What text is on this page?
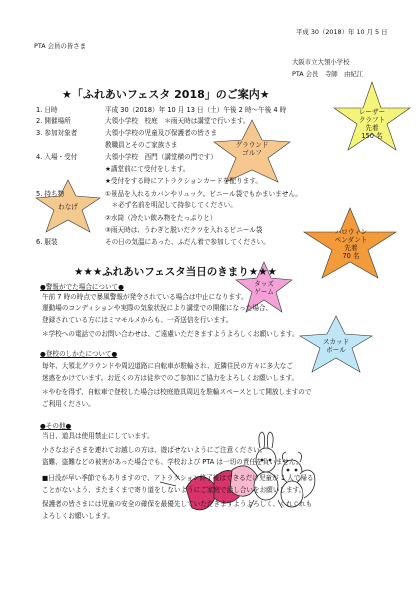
平成 30（2018）年 10 月 5 日
PTA 会員の皆さま
大阪市立大領小学校
PTA 会長　寺師　由紀江
★「ふれあいフェスタ 2018」のご案内★
1. 日時	平成 30（2018）年 10 月 13 日（土）午後 2 時～午後 4 時
2. 開催場所	大領小学校　校庭　＊雨天時は講堂で行います。
3. 参加対象者	大領小学校の児童及び保護者の皆さま
教職員とそのご家族さま
4. 入場・受付	大領小学校　西門（講堂横の門です）
★講堂前にて受付をします。
★受付をする時にアトラクションカードを配ります。
5. 持ち物	①景品を入れるカバンやリュック。ビニール袋でもかまいません。
　＊必ず名前を明記して持参してください。
②水筒（冷たい飲み物をたっぷりと）
③雨天時は、うわぎと脱いだクツを入れるビニール袋
6. 服装	その日の気温にあった、ふだん着で参加してください。
レーザー
クラフト
先着
150 名
グラウンド
ゴルフ
わなげ
ハロウィン
ペンダント
先着
70 名
タッズ
ゲーム
スカッド
ボール
★★★ふれあいフェスタ当日のきまり★★★
●警報がでた場合について●
午前 7 時の時点で暴風警報が発令されている場合は中止になります。
運動場のコンディションや実際の気象状況により講堂での開催になった場合、
登録されている方にはミマモルメからも、一斉送信を行います。
＊学校への電話でのお問い合わせは、ご遠慮いただきますようよろしくお願いします。
●登校のしかたについて●
毎年、大領北グラウンドや周辺道路に自転車が駐輪され、近隣住民の方々に多大なご
迷惑をかけています。お近くの方は徒歩でのご参加にご協力をよろしくお願いします。
＊やむを得ず、自転車で登校した場合は校庭遊具周辺を駐輪スペースとして開放しますので
ご利用ください。
●その他●
当日、道具は使用禁止にしています。
小さなお子さまを連れてお越しの方は、遊ばせないようにご注意ください。
盗難、盗難などの被害があった場合でも、学校および PTA は一切の責任を負いません。
■日没が早い季節でもありますので、アトラクション終了後はできるだけ児童が 1 人で帰る
ことがないよう、またまくまで寄り道をしないようにご家庭で話し合いをお願いします。
保護者の皆さまには児童の安全の確保を最優先していただきますようよろしく、くれぐれも
よろしくお願いします。
